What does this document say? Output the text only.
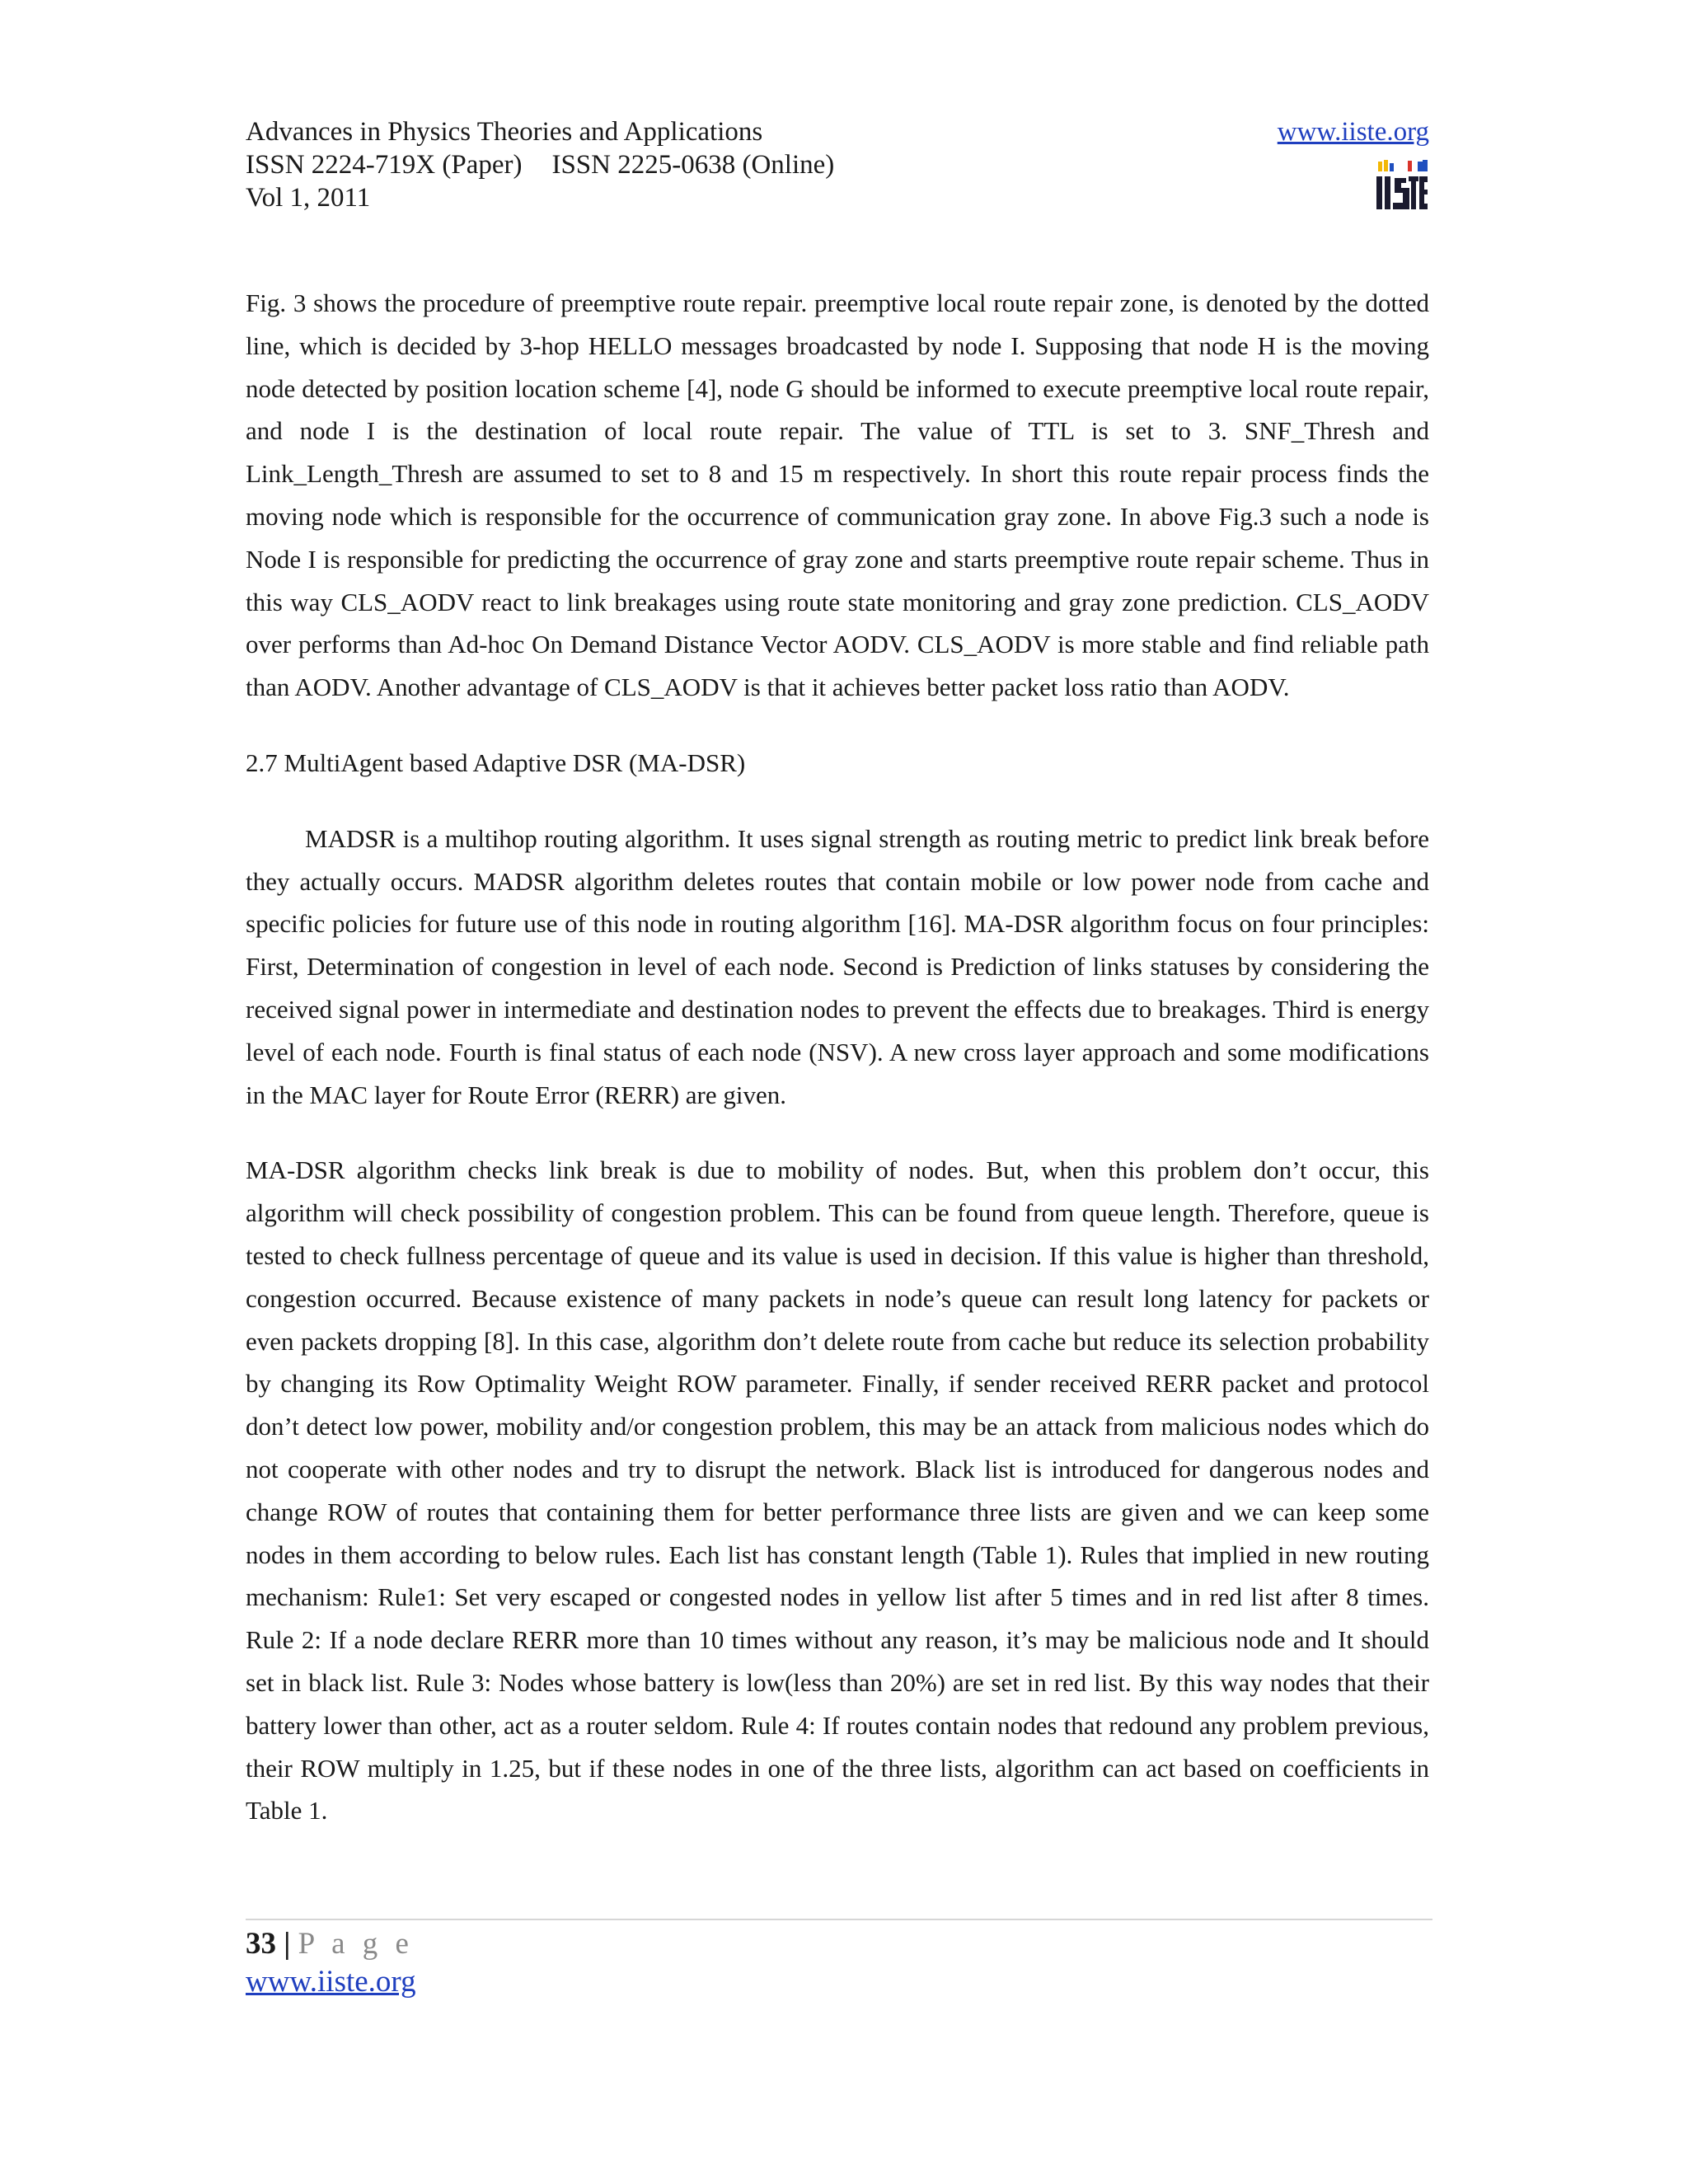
Advances in Physics Theories and Applications
ISSN 2224-719X (Paper) ISSN 2225-0638 (Online)
Vol 1, 2011
www.iiste.org

Fig. 3 shows the procedure of preemptive route repair. preemptive local route repair zone, is denoted by the dotted line, which is decided by 3-hop HELLO messages broadcasted by node I. Supposing that node H is the moving node detected by position location scheme [4], node G should be informed to execute preemptive local route repair, and node I is the destination of local route repair. The value of TTL is set to 3. SNF_Thresh and Link_Length_Thresh are assumed to set to 8 and 15 m respectively. In short this route repair process finds the moving node which is responsible for the occurrence of communication gray zone. In above Fig.3 such a node is Node I is responsible for predicting the occurrence of gray zone and starts preemptive route repair scheme. Thus in this way CLS_AODV react to link breakages using route state monitoring and gray zone prediction. CLS_AODV over performs than Ad-hoc On Demand Distance Vector AODV. CLS_AODV is more stable and find reliable path than AODV. Another advantage of CLS_AODV is that it achieves better packet loss ratio than AODV.

2.7 MultiAgent based Adaptive DSR (MA-DSR)

MADSR is a multihop routing algorithm. It uses signal strength as routing metric to predict link break before they actually occurs. MADSR algorithm deletes routes that contain mobile or low power node from cache and specific policies for future use of this node in routing algorithm [16]. MA-DSR algorithm focus on four principles: First, Determination of congestion in level of each node. Second is Prediction of links statuses by considering the received signal power in intermediate and destination nodes to prevent the effects due to breakages. Third is energy level of each node. Fourth is final status of each node (NSV). A new cross layer approach and some modifications in the MAC layer for Route Error (RERR) are given.

MA-DSR algorithm checks link break is due to mobility of nodes. But, when this problem don’t occur, this algorithm will check possibility of congestion problem. This can be found from queue length. Therefore, queue is tested to check fullness percentage of queue and its value is used in decision. If this value is higher than threshold, congestion occurred. Because existence of many packets in node’s queue can result long latency for packets or even packets dropping [8]. In this case, algorithm don’t delete route from cache but reduce its selection probability by changing its Row Optimality Weight ROW parameter. Finally, if sender received RERR packet and protocol don’t detect low power, mobility and/or congestion problem, this may be an attack from malicious nodes which do not cooperate with other nodes and try to disrupt the network. Black list is introduced for dangerous nodes and change ROW of routes that containing them for better performance three lists are given and we can keep some nodes in them according to below rules. Each list has constant length (Table 1). Rules that implied in new routing mechanism: Rule1: Set very escaped or congested nodes in yellow list after 5 times and in red list after 8 times. Rule 2: If a node declare RERR more than 10 times without any reason, it’s may be malicious node and It should set in black list. Rule 3: Nodes whose battery is low(less than 20%) are set in red list. By this way nodes that their battery lower than other, act as a router seldom. Rule 4: If routes contain nodes that redound any problem previous, their ROW multiply in 1.25, but if these nodes in one of the three lists, algorithm can act based on coefficients in Table 1.

33 | P a g e
www.iiste.org
